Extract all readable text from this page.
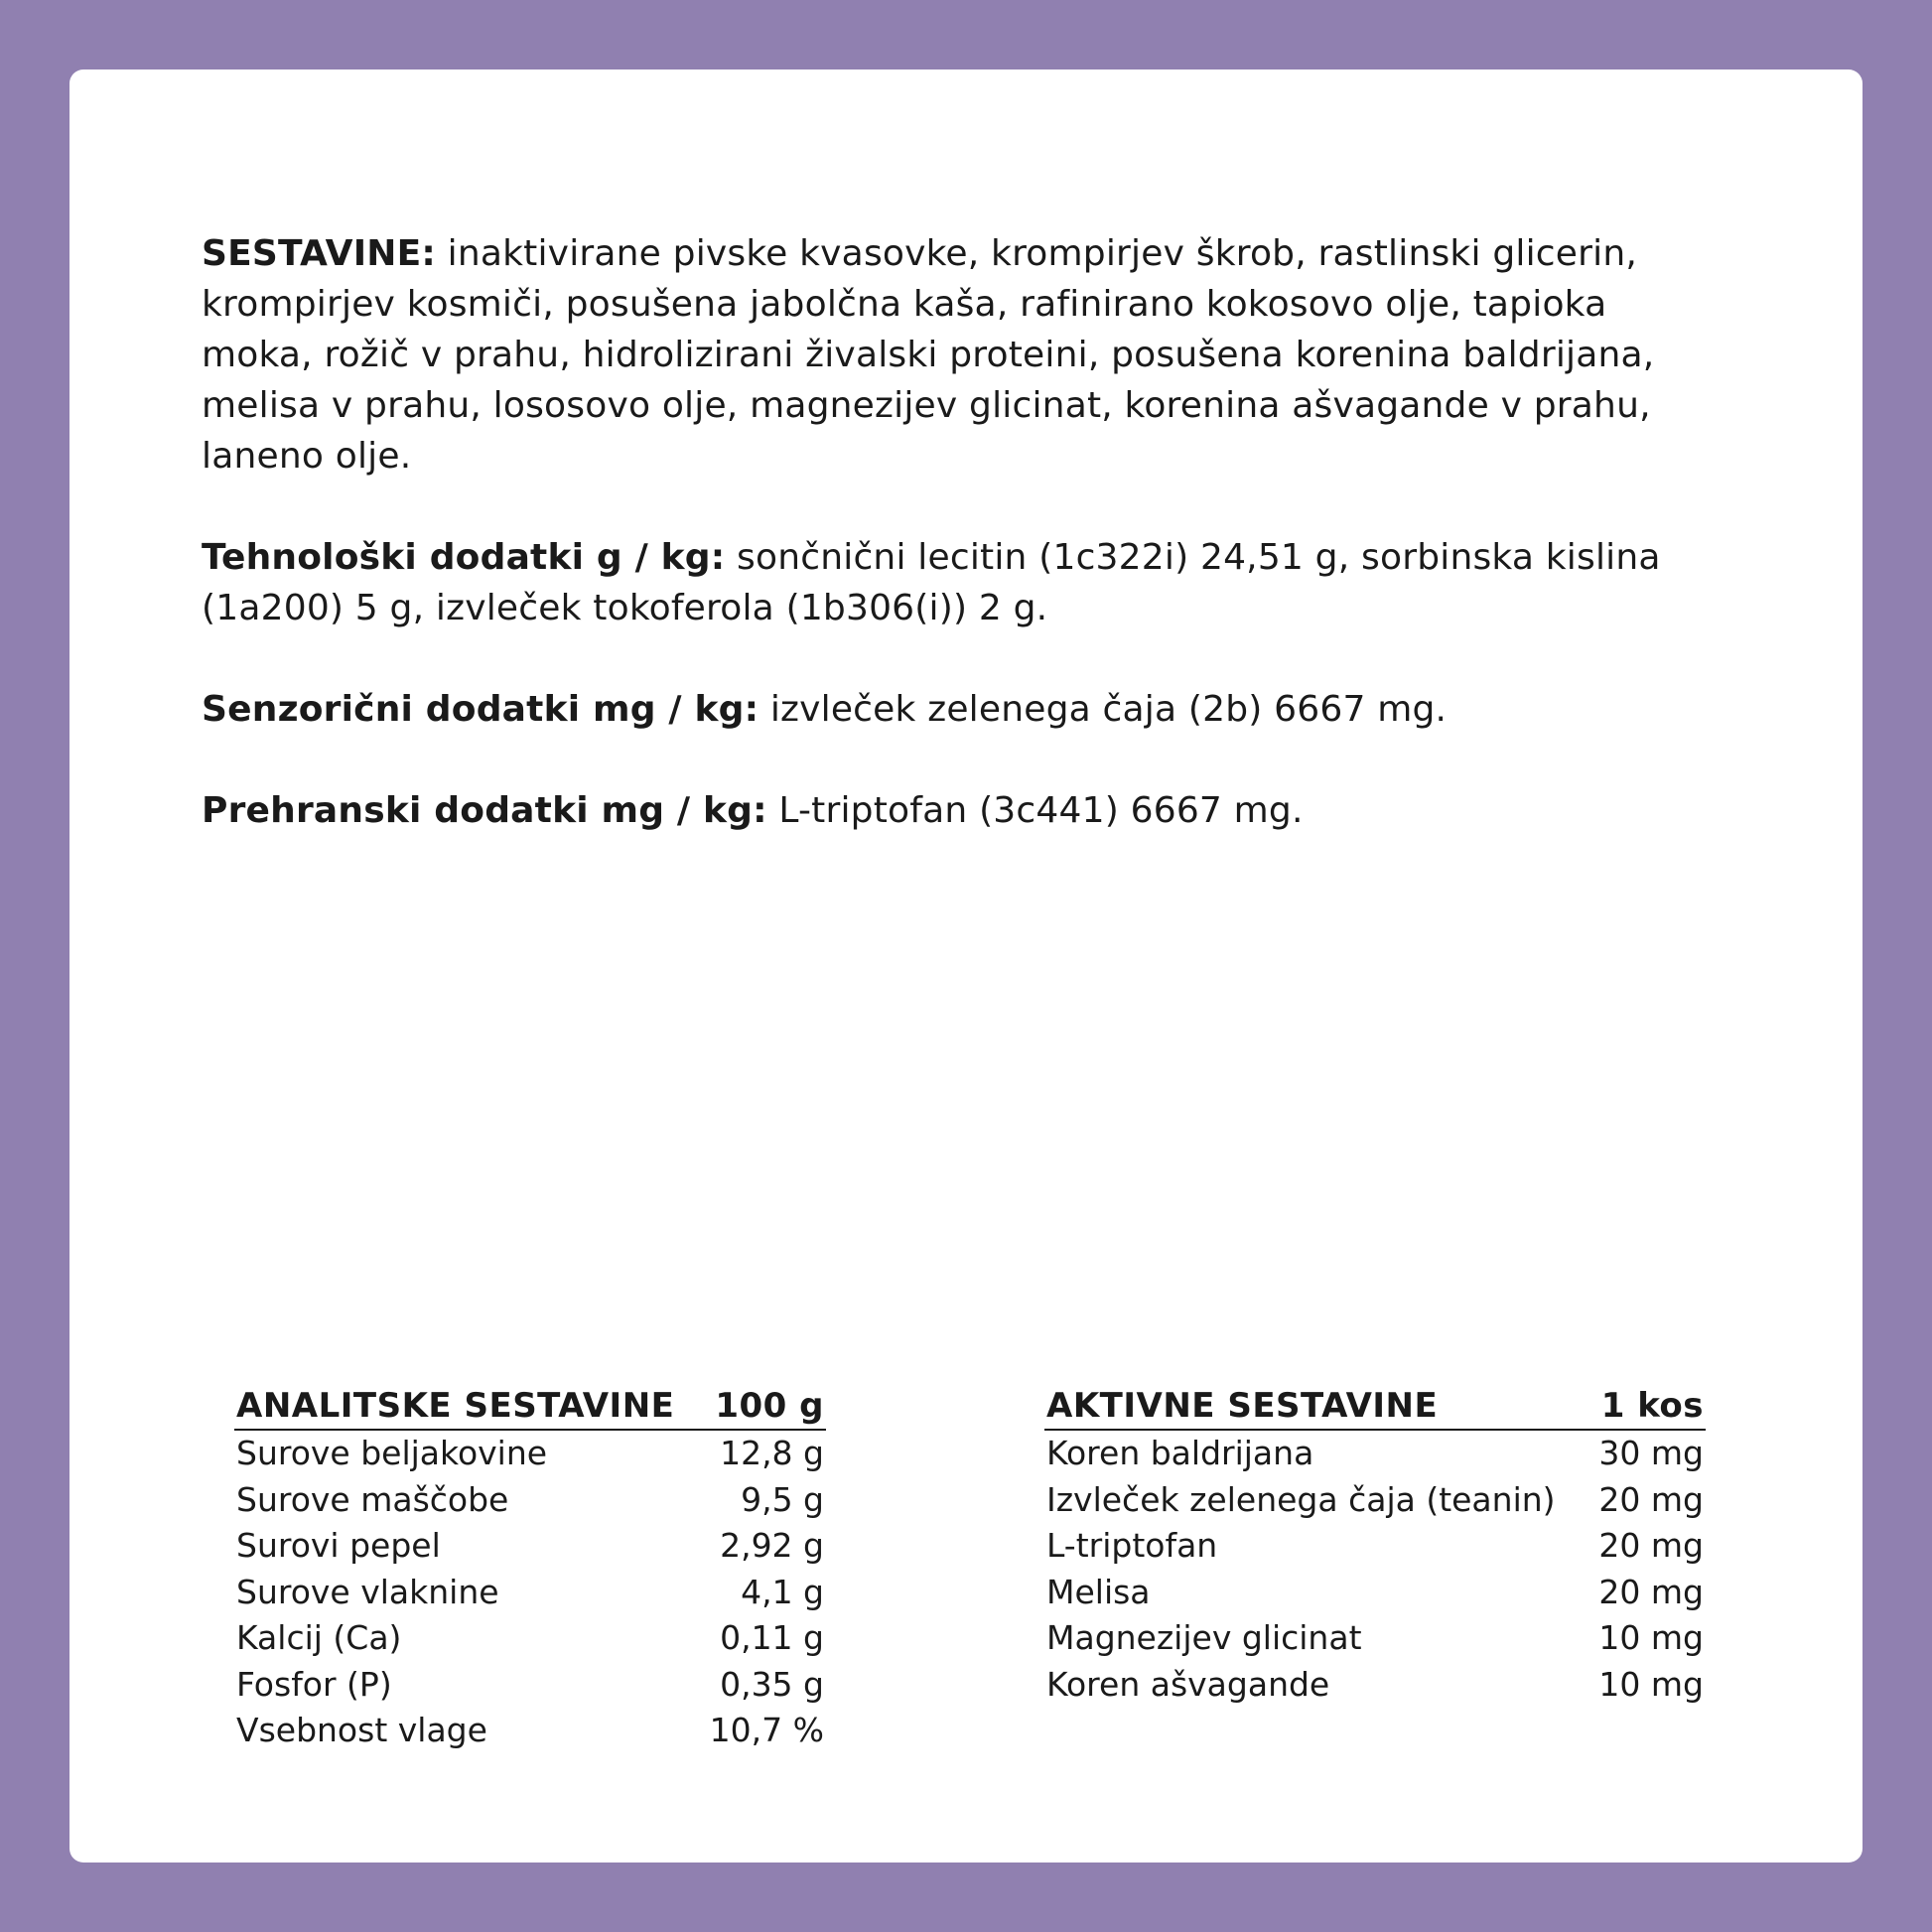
SESTAVINE: inaktivirane pivske kvasovke, krompirjev škrob, rastlinski glicerin, krompirjev kosmiči, posušena jabolčna kaša, rafinirano kokosovo olje, tapioka moka, rožič v prahu, hidrolizirani živalski proteini, posušena korenina baldrijana, melisa v prahu, lososovo olje, magnezijev glicinat, korenina ašvagande v prahu, laneno olje.

Tehnološki dodatki g / kg: sončnični lecitin (1c322i) 24,51 g, sorbinska kislina (1a200) 5 g, izvleček tokoferola (1b306(i)) 2 g.

Senzorični dodatki mg / kg: izvleček zelenega čaja (2b) 6667 mg.

Prehranski dodatki mg / kg: L-triptofan (3c441) 6667 mg.

ANALITSKE SESTAVINE 100 g
Surove beljakovine	12,8 g
Surove maščobe	9,5 g
Surovi pepel	2,92 g
Surove vlaknine	4,1 g
Kalcij (Ca)	0,11 g
Fosfor (P)	0,35 g
Vsebnost vlage	10,7 %
AKTIVNE SESTAVINE	1 kos
Koren baldrijana	30 mg
Izvleček zelenega čaja (teanin) 20 mg
L-triptofan	20 mg
Melisa	20 mg
Magnezijev glicinat	10 mg
Koren ašvagande	10 mg
